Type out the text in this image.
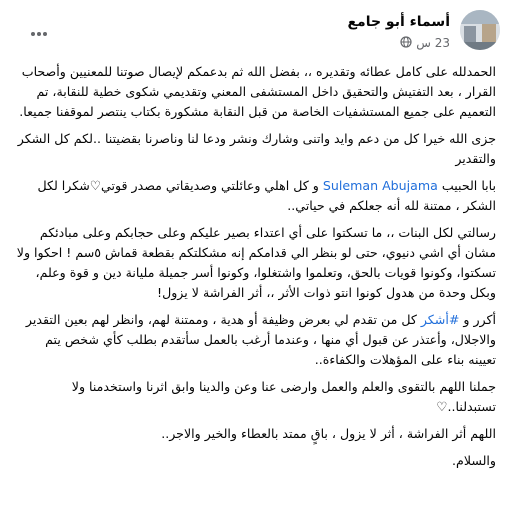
أسماء أبو جامع
23 س

الحمدلله على كامل عطائه وتقديره ،، بفضل الله ثم بدعمكم لإيصال صوتنا للمعنيين وأصحاب القرار ، بعد التفتيش والتحقيق داخل المستشفى المعني وتقديمي شكوى خطية للنقابة، تم التعميم على جميع المستشفيات الخاصة من قبل النقابة مشكورة بكتاب ينتصر لموقفنا جميعا.

جزى الله خيرا كل من دعم وايد واتنى وشارك ونشر ودعا لنا وناصرنا بقضيتنا ..لكم كل الشكر والتقدير

بابا الحبيب Suleman Abujama و كل اهلي وعائلتي وصديقاتي مصدر قوتي♡شكرا لكل الشكر ، ممتنة لله أنه جعلكم في حياتي..

رسالتي لكل البنات ،، ما تسكتوا على أي اعتداء بصير عليكم وعلى حجابكم وعلى مبادئكم مشان أي اشي دنيوي، حتى لو بنظر الي قدامكم إنه مشكلتكم بقطعة قماش ٥سم ! احكوا ولا تسكتوا، وكونوا قويات بالحق، وتعلموا واشتغلوا، وكونوا أسر جميلة مليانة دين و قوة وعلم، وبكل وحدة من هدول كونوا انتو ذوات الأثر ،، أثر الفراشة لا يزول!

أكرر و #أشكر كل من تقدم لي بعرض وظيفة أو هدية ، وممتنة لهم، وانظر لهم بعين التقدير والاجلال، وأعتذر عن قبول أي منها ، وعندما أرغب بالعمل سأتقدم بطلب كأي شخص يتم تعيينه بناء على المؤهلات والكفاءة..

جملنا اللهم بالتقوى والعلم والعمل وارضى عنا وعن والدينا وابق اثرنا واستخدمنا ولا تستبدلنا..♡

اللهم أثر الفراشة ، أثر لا يزول ، باقٍ ممتد بالعطاء والخير والاجر..

والسلام.
